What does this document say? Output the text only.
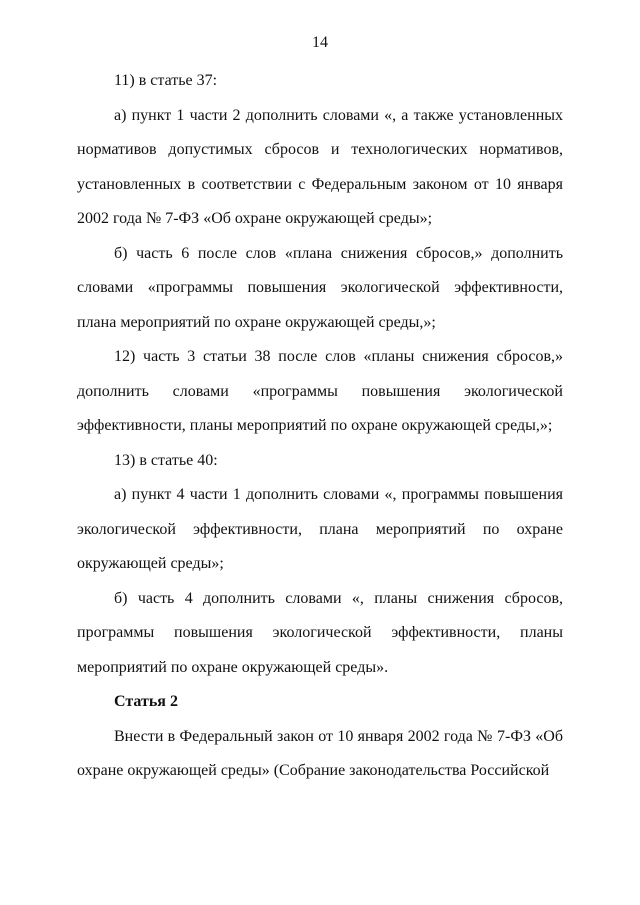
14

11) в статье 37:

а) пункт 1 части 2 дополнить словами «, а также установленных нормативов допустимых сбросов и технологических нормативов, установленных в соответствии с Федеральным законом от 10 января 2002 года № 7-ФЗ «Об охране окружающей среды»;

б) часть 6 после слов «плана снижения сбросов,» дополнить словами «программы повышения экологической эффективности, плана мероприятий по охране окружающей среды,»;

12) часть 3 статьи 38 после слов «планы снижения сбросов,» дополнить словами «программы повышения экологической эффективности, планы мероприятий по охране окружающей среды,»;

13) в статье 40:

а) пункт 4 части 1 дополнить словами «, программы повышения экологической эффективности, плана мероприятий по охране окружающей среды»;

б) часть 4 дополнить словами «, планы снижения сбросов, программы повышения экологической эффективности, планы мероприятий по охране окружающей среды».

Статья 2

Внести в Федеральный закон от 10 января 2002 года № 7-ФЗ «Об охране окружающей среды» (Собрание законодательства Российской
